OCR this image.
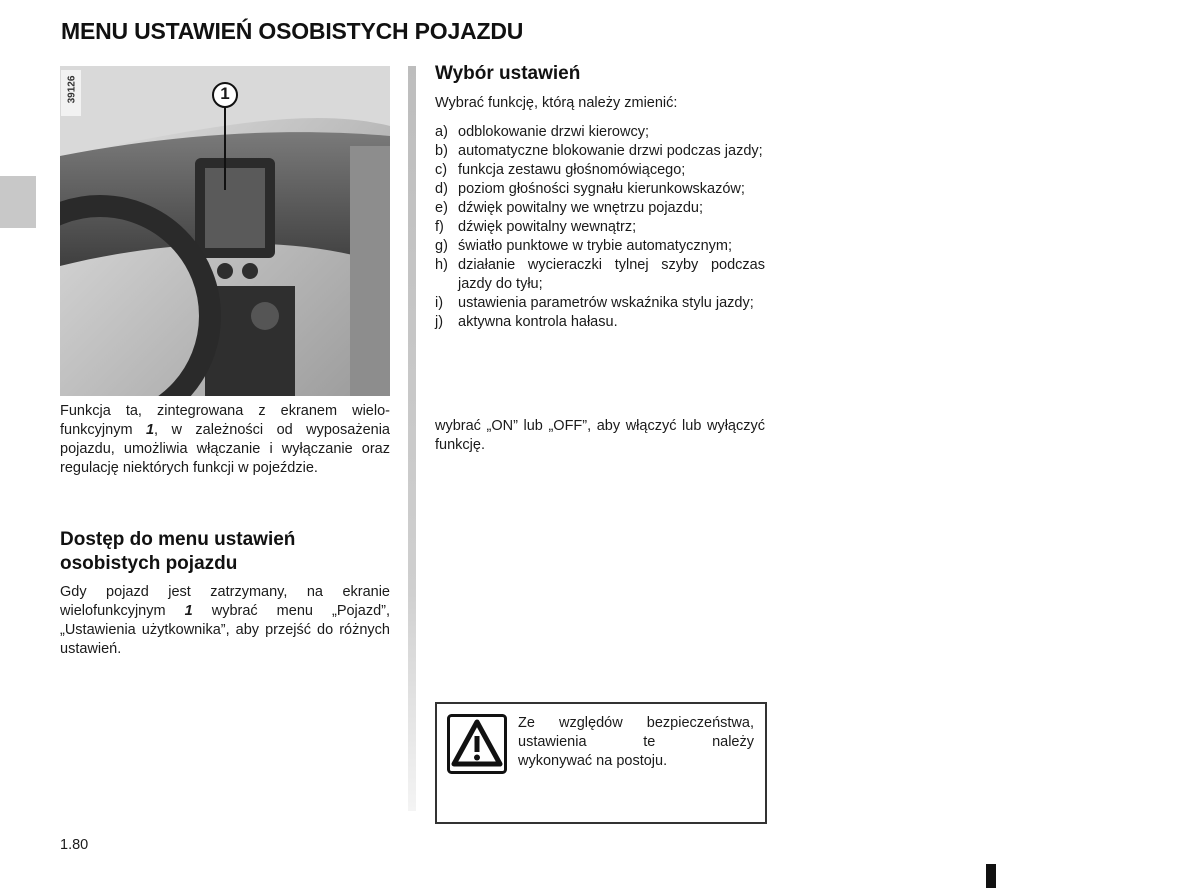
MENU USTAWIEŃ OSOBISTYCH POJAZDU
39126	1
Funkcja ta, zintegrowana z ekranem wielofunkcyjnym 1, w zależności od wyposażenia pojazdu, umożliwia włączanie i wyłączanie oraz regulację niektórych funkcji w pojeździe.
Dostęp do menu ustawień
osobistych pojazdu
Gdy pojazd jest zatrzymany, na ekranie wielofunkcyjnym 1 wybrać menu „Pojazd”, „Ustawienia użytkownika”, aby przejść do różnych ustawień.
Wybór ustawień
Wybrać funkcję, którą należy zmienić:
a) odblokowanie drzwi kierowcy;
b) automatyczne blokowanie drzwi podczas jazdy;
c) funkcja zestawu głośnomówiącego;
d) poziom głośności sygnału kierunkowskazów;
e) dźwięk powitalny we wnętrzu pojazdu;
f) dźwięk powitalny wewnątrz;
g) światło punktowe w trybie automatycznym;
h) działanie wycieraczki tylnej szyby podczas jazdy do tyłu;
i)	ustawienia parametrów wskaźnika stylu jazdy;
j)	aktywna kontrola hałasu.
wybrać „ON” lub „OFF”, aby włączyć lub wyłączyć funkcję.
Ze względów bezpieczeństwa,
ustawienia te należy
wykonywać na postoju.
1.80
